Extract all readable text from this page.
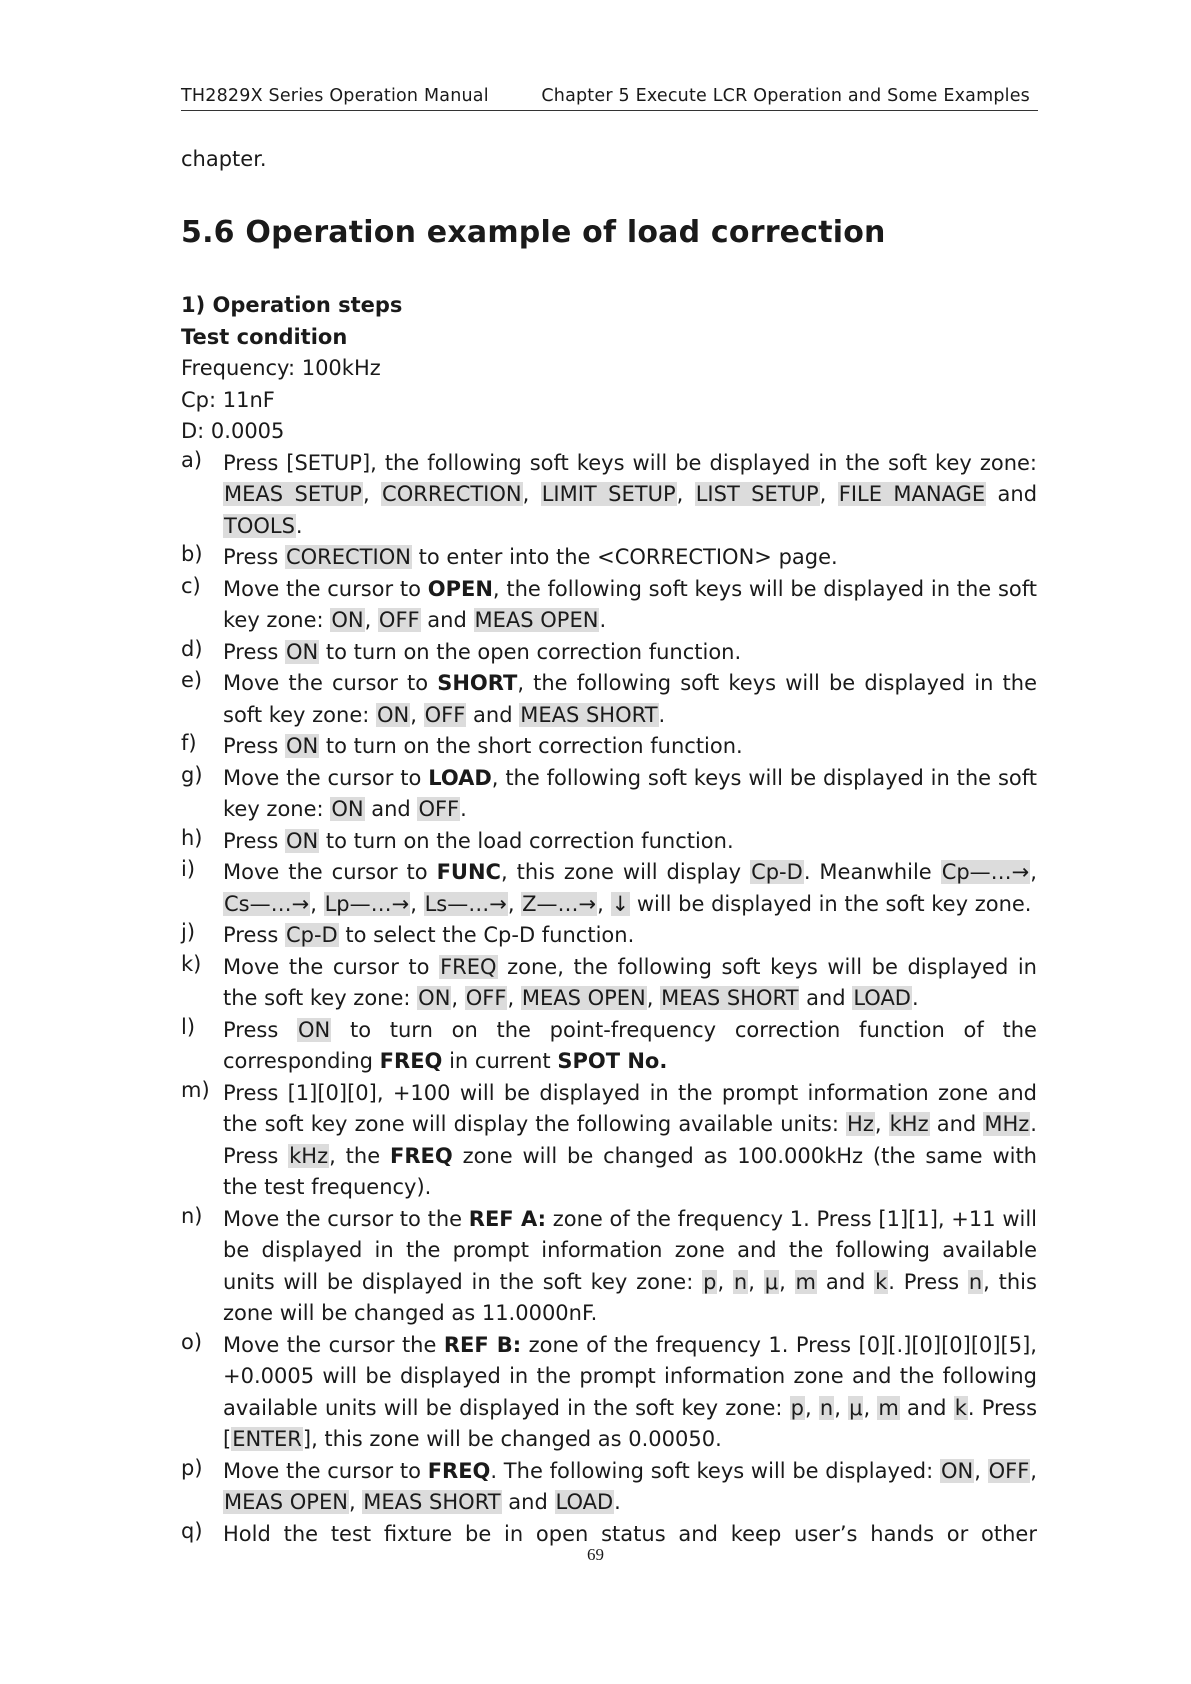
TH2829X Series Operation Manual	Chapter 5 Execute LCR Operation and Some Examples
chapter.
5.6 Operation example of load correction
1) Operation steps
Test condition
Frequency: 100kHz
Cp: 11nF
D: 0.0005
a) Press [SETUP], the following soft keys will be displayed in the soft key zone: MEAS SETUP, CORRECTION, LIMIT SETUP, LIST SETUP, FILE MANAGE and TOOLS.

b) Press CORECTION to enter into the <CORRECTION> page.

c)	Move the cursor to OPEN, the following soft keys will be displayed in the soft key zone: ON, OFF and MEAS OPEN.

d) Press ON to turn on the open correction function.

e) Move the cursor to SHORT, the following soft keys will be displayed in the soft key zone: ON, OFF and MEAS SHORT.

f)	Press ON to turn on the short correction function.

g) Move the cursor to LOAD, the following soft keys will be displayed in the soft key zone: ON and OFF.

h) Press ON to turn on the load correction function.

i)	Move the cursor to FUNC, this zone will display Cp-D. Meanwhile Cp—…→, Cs—…→, Lp—…→, Ls—…→, Z—…→, ↓ will be displayed in the soft key zone.

j)	Press Cp-D to select the Cp-D function.

k)	Move the cursor to FREQ zone, the following soft keys will be displayed in the soft key zone: ON, OFF, MEAS OPEN, MEAS SHORT and LOAD.

l)	Press ON to turn on the point-frequency correction function of the corresponding FREQ in current SPOT No.

m) Press [1][0][0], +100 will be displayed in the prompt information zone and the soft key zone will display the following available units: Hz, kHz and MHz. Press kHz, the FREQ zone will be changed as 100.000kHz (the same with the test frequency).

n) Move the cursor to the REF A: zone of the frequency 1. Press [1][1], +11 will be displayed in the prompt information zone and the following available units will be displayed in the soft key zone: p, n, μ, m and k. Press n, this zone will be changed as 11.0000nF.

o) Move the cursor the REF B: zone of the frequency 1. Press [0][.][0][0][0][5], +0.0005 will be displayed in the prompt information zone and the following available units will be displayed in the soft key zone: p, n, μ, m and k. Press [ENTER], this zone will be changed as 0.00050.

p) Move the cursor to FREQ. The following soft keys will be displayed: ON, OFF, MEAS OPEN, MEAS SHORT and LOAD.

q) Hold the test fixture be in open status and keep user’s hands or other

69
